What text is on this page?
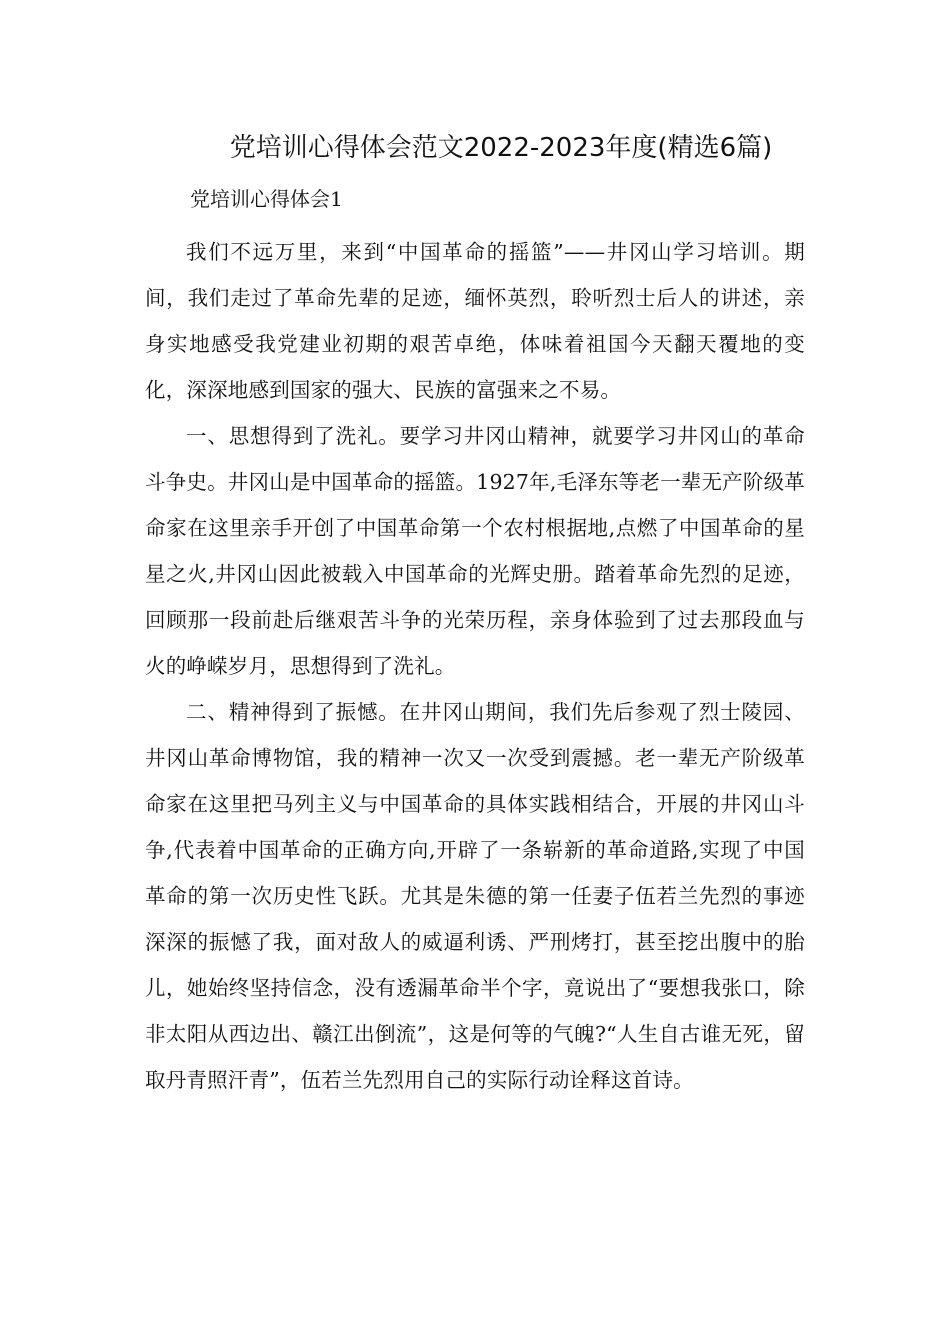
党培训心得体会范文2022-2023年度(精选6篇)

党培训心得体会1

我们不远万里，来到“中国革命的摇篮”——井冈山学习培训。期间，我们走过了革命先辈的足迹，缅怀英烈，聆听烈士后人的讲述，亲身实地感受我党建业初期的艰苦卓绝，体味着祖国今天翻天覆地的变化，深深地感到国家的强大、民族的富强来之不易。

一、思想得到了洗礼。要学习井冈山精神，就要学习井冈山的革命斗争史。井冈山是中国革命的摇篮。1927年,毛泽东等老一辈无产阶级革命家在这里亲手开创了中国革命第一个农村根据地,点燃了中国革命的星星之火,井冈山因此被载入中国革命的光辉史册。踏着革命先烈的足迹，回顾那一段前赴后继艰苦斗争的光荣历程，亲身体验到了过去那段血与火的峥嵘岁月，思想得到了洗礼。

二、精神得到了振憾。在井冈山期间，我们先后参观了烈士陵园、井冈山革命博物馆，我的精神一次又一次受到震撼。老一辈无产阶级革命家在这里把马列主义与中国革命的具体实践相结合，开展的井冈山斗争,代表着中国革命的正确方向,开辟了一条崭新的革命道路,实现了中国革命的第一次历史性飞跃。尤其是朱德的第一任妻子伍若兰先烈的事迹深深的振憾了我，面对敌人的威逼利诱、严刑烤打，甚至挖出腹中的胎儿，她始终坚持信念，没有透漏革命半个字，竟说出了“要想我张口，除非太阳从西边出、赣江出倒流”，这是何等的气魄?“人生自古谁无死，留取丹青照汗青”，伍若兰先烈用自己的实际行动诠释这首诗。
